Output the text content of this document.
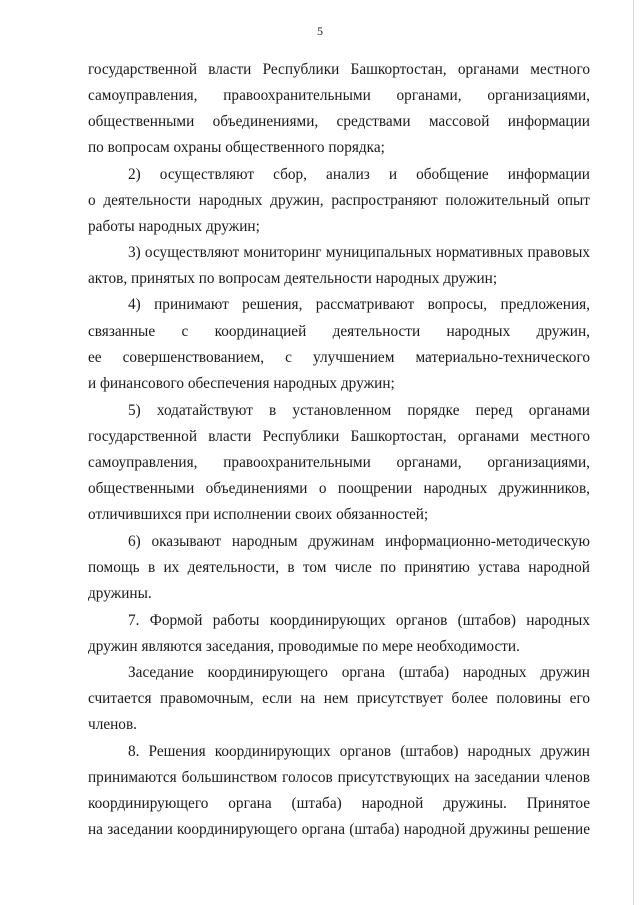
5
государственной власти Республики Башкортостан, органами местного
самоуправления, правоохранительными органами, организациями,
общественными объединениями, средствами массовой информации
по вопросам охраны общественного порядка;
2) осуществляют сбор, анализ и обобщение информации
о деятельности народных дружин, распространяют положительный опыт
работы народных дружин;
3) осуществляют мониторинг муниципальных нормативных правовых
актов, принятых по вопросам деятельности народных дружин;
4) принимают решения, рассматривают вопросы, предложения,
связанные с координацией деятельности народных дружин,
ее совершенствованием, с улучшением материально-технического
и финансового обеспечения народных дружин;
5) ходатайствуют в установленном порядке перед органами
государственной власти Республики Башкортостан, органами местного
самоуправления, правоохранительными органами, организациями,
общественными объединениями о поощрении народных дружинников,
отличившихся при исполнении своих обязанностей;
6) оказывают народным дружинам информационно-методическую
помощь в их деятельности, в том числе по принятию устава народной
дружины.
7. Формой работы координирующих органов (штабов) народных
дружин являются заседания, проводимые по мере необходимости.
Заседание координирующего органа (штаба) народных дружин
считается правомочным, если на нем присутствует более половины его
членов.
8. Решения координирующих органов (штабов) народных дружин
принимаются большинством голосов присутствующих на заседании членов
координирующего органа (штаба) народной дружины. Принятое
на заседании координирующего органа (штаба) народной дружины решение
